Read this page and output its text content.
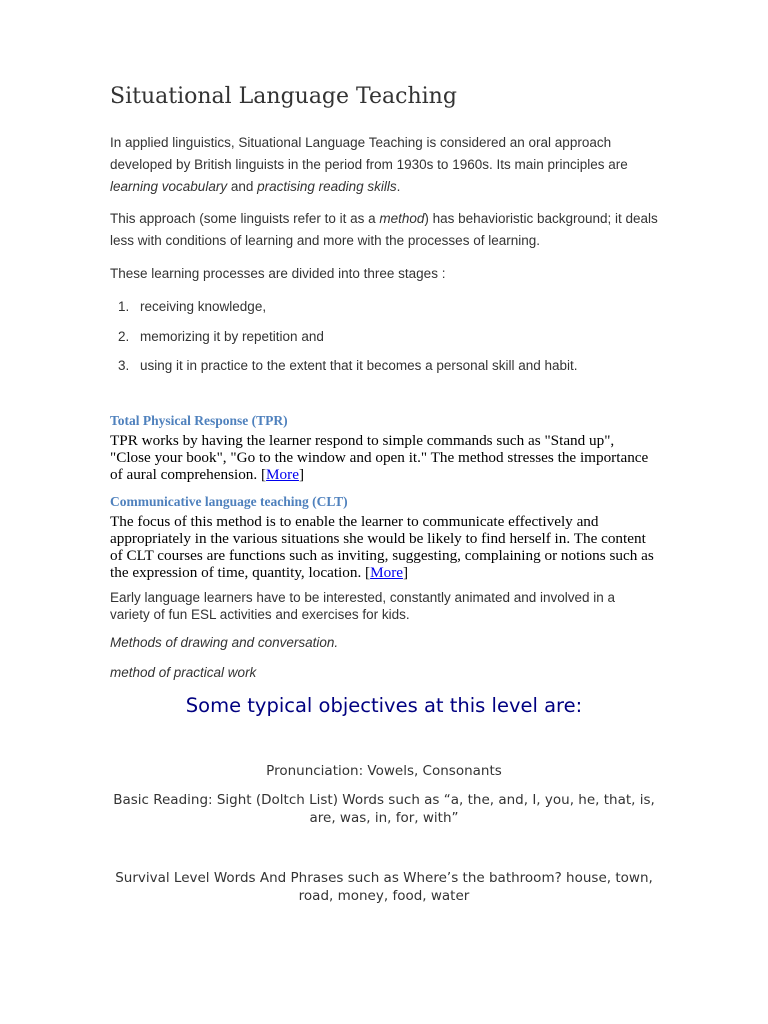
Situational Language Teaching

In applied linguistics, Situational Language Teaching is considered an oral approach developed by British linguists in the period from 1930s to 1960s. Its main principles are learning vocabulary and practising reading skills.

This approach (some linguists refer to it as a method) has behavioristic background; it deals less with conditions of learning and more with the processes of learning.

These learning processes are divided into three stages :

1. receiving knowledge,
2. memorizing it by repetition and
3. using it in practice to the extent that it becomes a personal skill and habit.
Total Physical Response (TPR)

TPR works by having the learner respond to simple commands such as "Stand up", "Close your book", "Go to the window and open it." The method stresses the importance of aural comprehension. [More]

Communicative language teaching (CLT)

The focus of this method is to enable the learner to communicate effectively and appropriately in the various situations she would be likely to find herself in. The content of CLT courses are functions such as inviting, suggesting, complaining or notions such as the expression of time, quantity, location. [More]

Early language learners have to be interested, constantly animated and involved in a variety of fun ESL activities and exercises for kids.

Methods of drawing and conversation.

method of practical work

Some typical objectives at this level are:

Pronunciation: Vowels, Consonants

Basic Reading: Sight (Doltch List) Words such as “a, the, and, I, you, he, that, is, are, was, in, for, with”

Survival Level Words And Phrases such as Where’s the bathroom? house, town, road, money, food, water
